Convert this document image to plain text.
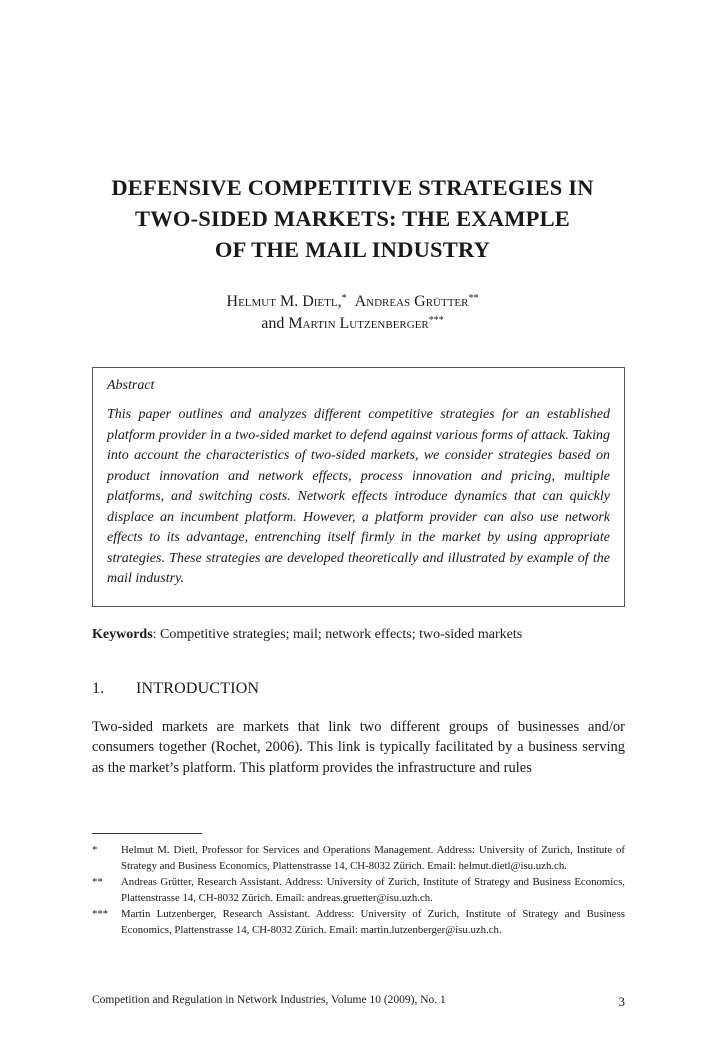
DEFENSIVE COMPETITIVE STRATEGIES IN
TWO-SIDED MARKETS: THE EXAMPLE
OF THE MAIL INDUSTRY
Helmut M. Dietl,* Andreas Grütter**
and Martin Lutzenberger***
Abstract
This paper outlines and analyzes different competitive strategies for an established platform provider in a two-sided market to defend against various forms of attack. Taking into account the characteristics of two-sided markets, we consider strategies based on product innovation and network effects, process innovation and pricing, multiple platforms, and switching costs. Network effects introduce dynamics that can quickly displace an incumbent platform. However, a platform provider can also use network effects to its advantage, entrenching itself firmly in the market by using appropriate strategies. These strategies are developed theoretically and illustrated by example of the mail industry.
Keywords: Competitive strategies; mail; network effects; two-sided markets
1. INTRODUCTION
Two-sided markets are markets that link two different groups of businesses and/or consumers together (Rochet, 2006). This link is typically facilitated by a business serving as the market’s platform. This platform provides the infrastructure and rules
*	Helmut M. Dietl, Professor for Services and Operations Management. Address: University of Zurich, Institute of Strategy and Business Economics, Plattenstrasse 14, CH-8032 Zürich. Email: helmut.dietl@isu.uzh.ch.
**	Andreas Grütter, Research Assistant. Address: University of Zurich, Institute of Strategy and Business Economics, Plattenstrasse 14, CH-8032 Zürich. Email: andreas.gruetter@isu.uzh.ch.
***	Martin Lutzenberger, Research Assistant. Address: University of Zurich, Institute of Strategy and Business Economics, Plattenstrasse 14, CH-8032 Zürich. Email: martin.lutzenberger@isu.uzh.ch.
Competition and Regulation in Network Industries, Volume 10 (2009), No. 1	3
